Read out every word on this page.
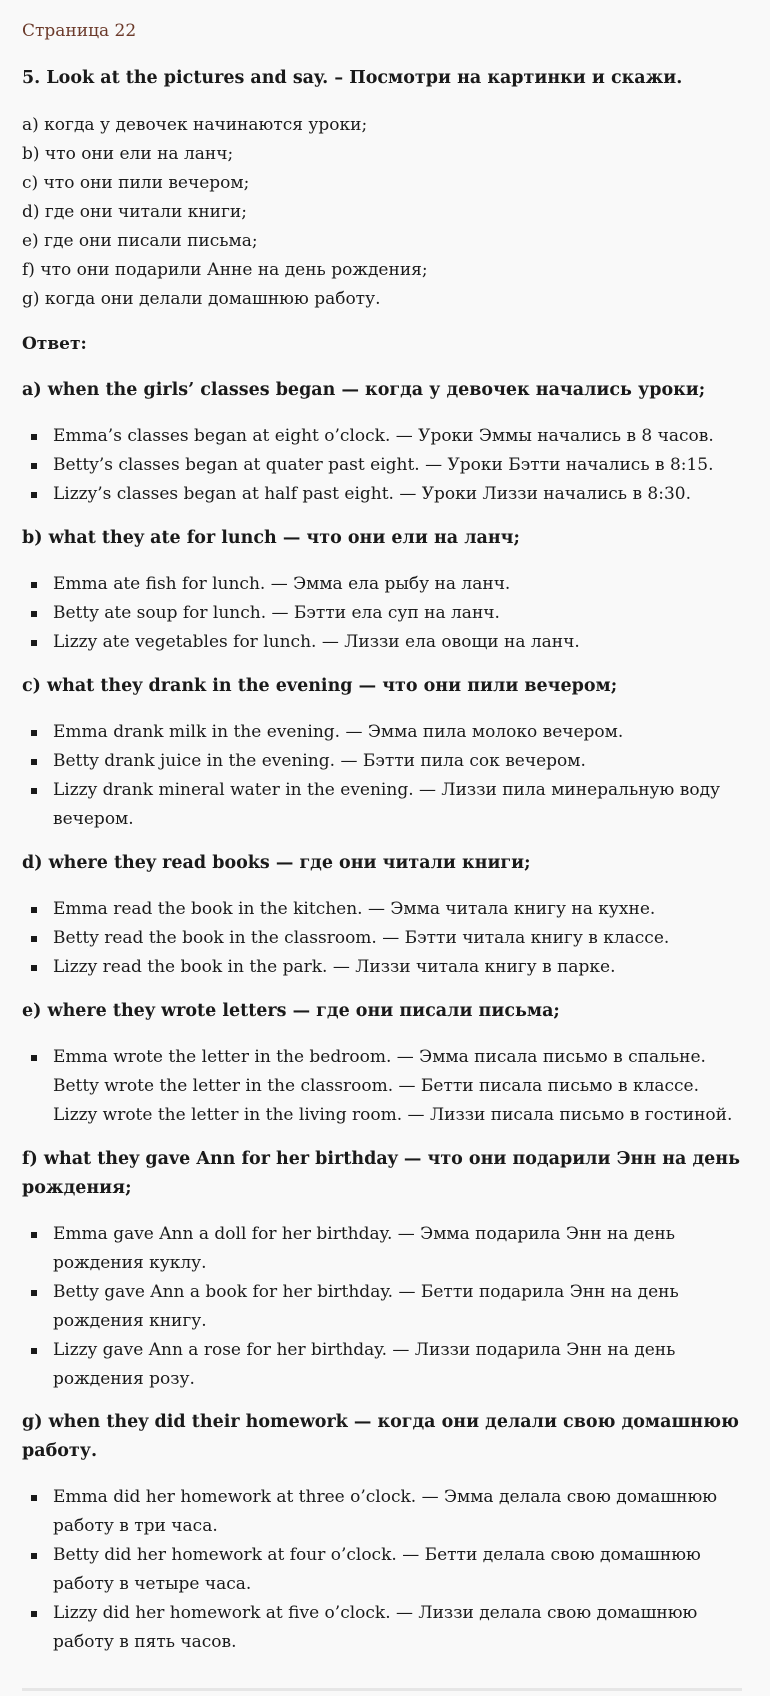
Страница 22
5. Look at the pictures and say. – Посмотри на картинки и скажи.
a) когда у девочек начинаются уроки;
b) что они ели на ланч;
c) что они пили вечером;
d) где они читали книги;
e) где они писали письма;
f) что они подарили Анне на день рождения;
g) когда они делали домашнюю работу.
Ответ:
a) when the girls’ classes began — когда у девочек начались уроки;
Emma’s classes began at eight o’clock. — Уроки Эммы начались в 8 часов.
Betty’s classes began at quater past eight. — Уроки Бэтти начались в 8:15.
Lizzy’s classes began at half past eight. — Уроки Лиззи начались в 8:30.
b) what they ate for lunch — что они ели на ланч;
Emma ate fish for lunch. — Эмма ела рыбу на ланч.
Betty ate soup for lunch. — Бэтти ела суп на ланч.
Lizzy ate vegetables for lunch. — Лиззи ела овощи на ланч.
c) what they drank in the evening — что они пили вечером;
Emma drank milk in the evening. — Эмма пила молоко вечером.
Betty drank juice in the evening. — Бэтти пила сок вечером.
Lizzy drank mineral water in the evening. — Лиззи пила минеральную воду вечером.
d) where they read books — где они читали книги;
Emma read the book in the kitchen. — Эмма читала книгу на кухне.
Betty read the book in the classroom. — Бэтти читала книгу в классе.
Lizzy read the book in the park. — Лиззи читала книгу в парке.
e) where they wrote letters — где они писали письма;
Emma wrote the letter in the bedroom. — Эмма писала письмо в спальне.
Betty wrote the letter in the classroom. — Бетти писала письмо в классе.
Lizzy wrote the letter in the living room. — Лиззи писала письмо в гостиной.
f) what they gave Ann for her birthday — что они подарили Энн на день рождения;
Emma gave Ann a doll for her birthday. — Эмма подарила Энн на день рождения куклу.
Betty gave Ann a book for her birthday. — Бетти подарила Энн на день рождения книгу.
Lizzy gave Ann a rose for her birthday. — Лиззи подарила Энн на день рождения розу.
g) when they did their homework — когда они делали свою домашнюю работу.
Emma did her homework at three o’clock. — Эмма делала свою домашнюю работу в три часа.
Betty did her homework at four o’clock. — Бетти делала свою домашнюю работу в четыре часа.
Lizzy did her homework at five o’clock. — Лиззи делала свою домашнюю работу в пять часов.
